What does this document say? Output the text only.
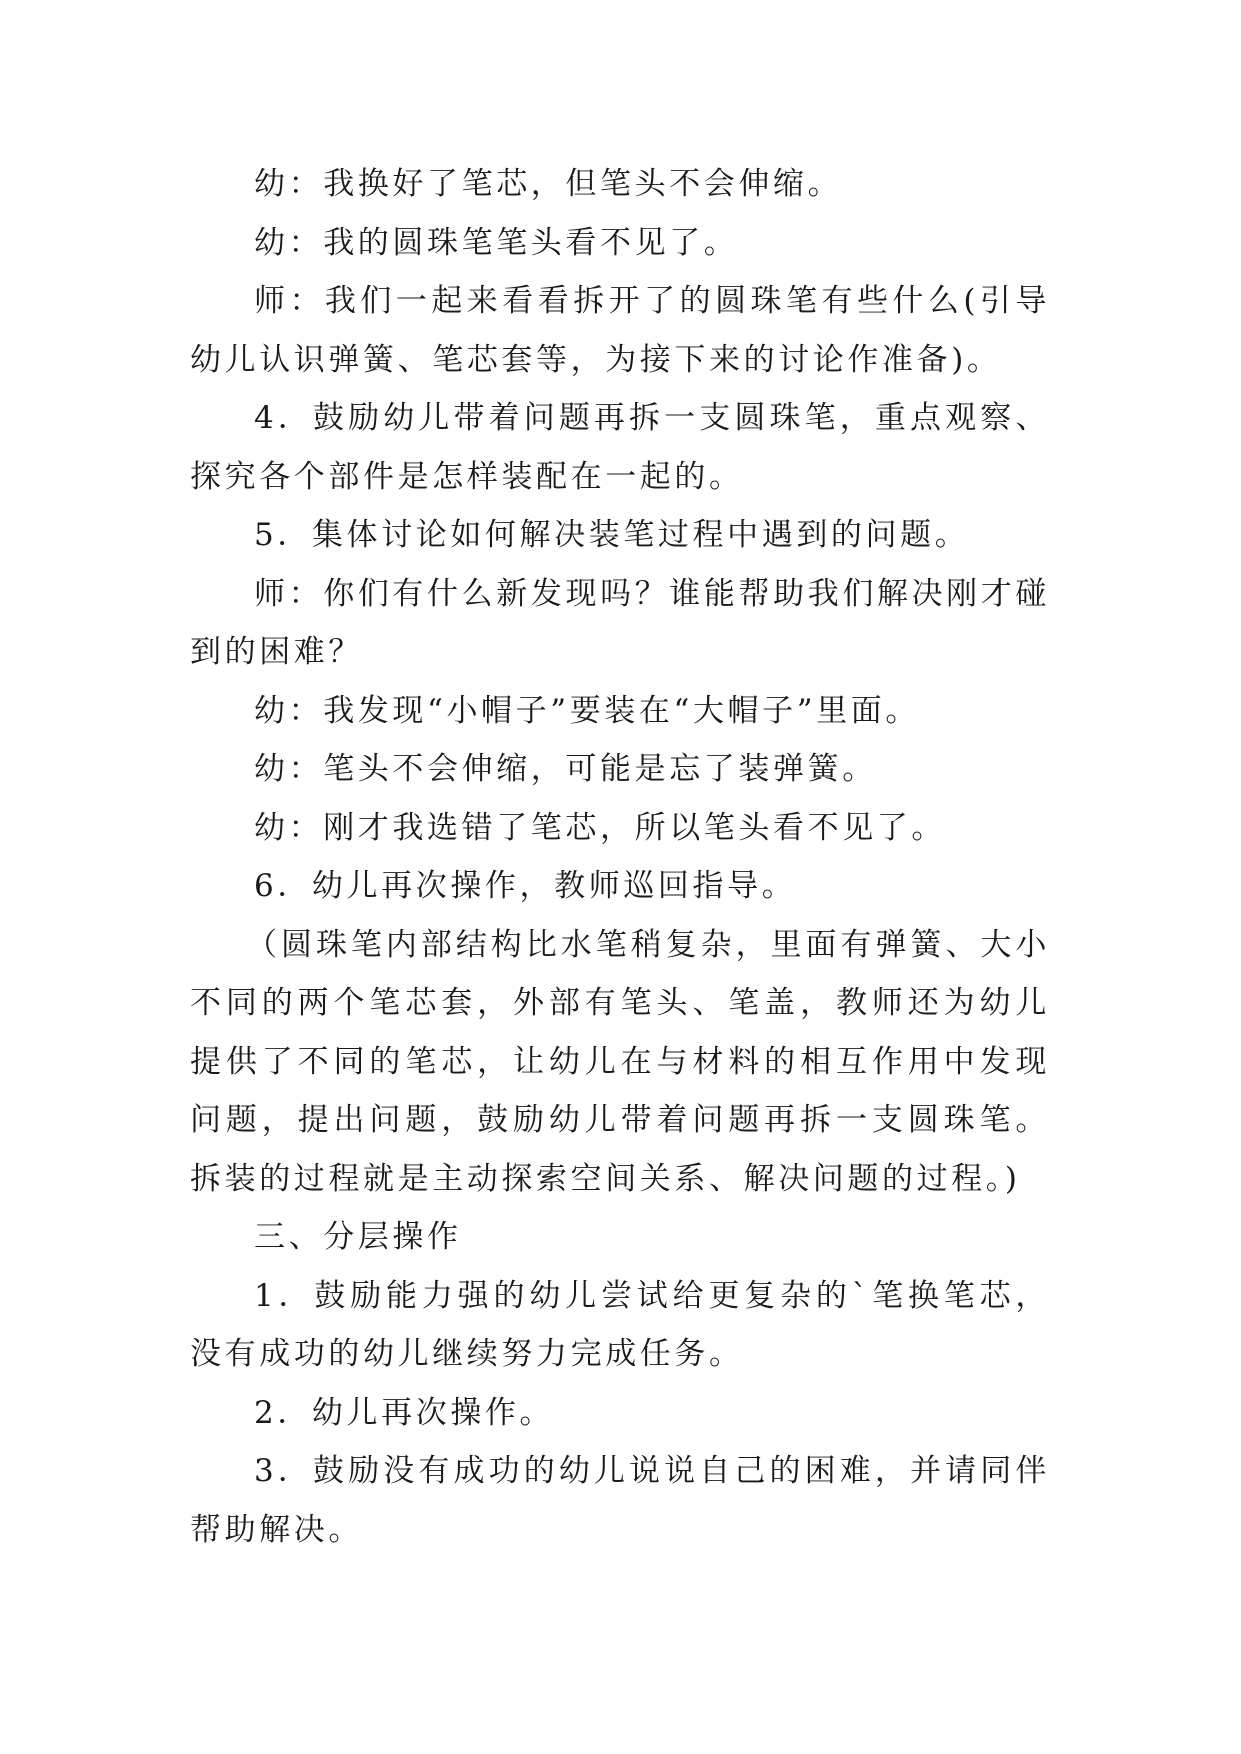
幼：我换好了笔芯，但笔头不会伸缩。

幼：我的圆珠笔笔头看不见了。

师：我们一起来看看拆开了的圆珠笔有些什么(引导幼儿认识弹簧、笔芯套等，为接下来的讨论作准备)。

4．鼓励幼儿带着问题再拆一支圆珠笔，重点观察、探究各个部件是怎样装配在一起的。

5．集体讨论如何解决装笔过程中遇到的问题。

师：你们有什么新发现吗？谁能帮助我们解决刚才碰到的困难？

幼：我发现“小帽子”要装在“大帽子”里面。

幼：笔头不会伸缩，可能是忘了装弹簧。

幼：刚才我选错了笔芯，所以笔头看不见了。

6．幼儿再次操作，教师巡回指导。

（圆珠笔内部结构比水笔稍复杂，里面有弹簧、大小不同的两个笔芯套，外部有笔头、笔盖，教师还为幼儿提供了不同的笔芯，让幼儿在与材料的相互作用中发现问题，提出问题，鼓励幼儿带着问题再拆一支圆珠笔。拆装的过程就是主动探索空间关系、解决问题的过程。)

三、分层操作

1．鼓励能力强的幼儿尝试给更复杂的`笔换笔芯，没有成功的幼儿继续努力完成任务。

2．幼儿再次操作。

3．鼓励没有成功的幼儿说说自己的困难，并请同伴帮助解决。
